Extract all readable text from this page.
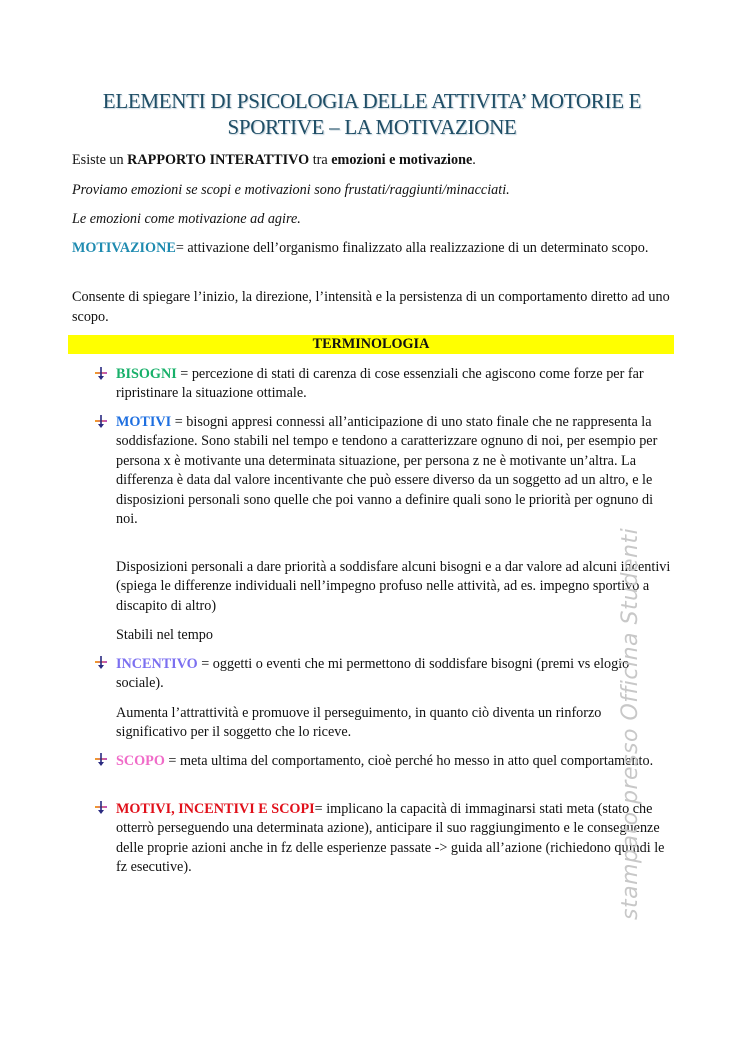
ELEMENTI DI PSICOLOGIA DELLE ATTIVITA’ MOTORIE E
SPORTIVE – LA MOTIVAZIONE
Esiste un RAPPORTO INTERATTIVO tra emozioni e motivazione.
Proviamo emozioni se scopi e motivazioni sono frustati/raggiunti/minacciati.
Le emozioni come motivazione ad agire.
MOTIVAZIONE= attivazione dell’organismo finalizzato alla realizzazione di un determinato scopo.
Consente di spiegare l’inizio, la direzione, l’intensità e la persistenza di un comportamento diretto ad uno scopo.
TERMINOLOGIA
BISOGNI = percezione di stati di carenza di cose essenziali che agiscono come forze per far ripristinare la situazione ottimale.
MOTIVI = bisogni appresi connessi all’anticipazione di uno stato finale che ne rappresenta la soddisfazione. Sono stabili nel tempo e tendono a caratterizzare ognuno di noi, per esempio per persona x è motivante una determinata situazione, per persona z ne è motivante un’altra. La differenza è data dal valore incentivante che può essere diverso da un soggetto ad un altro, e le disposizioni personali sono quelle che poi vanno a definire quali sono le priorità per ognuno di noi.
Disposizioni personali a dare priorità a soddisfare alcuni bisogni e a dar valore ad alcuni incentivi (spiega le differenze individuali nell’impegno profuso nelle attività, ad es. impegno sportivo a discapito di altro)
Stabili nel tempo
INCENTIVO = oggetti o eventi che mi permettono di soddisfare bisogni (premi vs elogio sociale).
Aumenta l’attrattività e promuove il perseguimento, in quanto ciò diventa un rinforzo significativo per il soggetto che lo riceve.
SCOPO = meta ultima del comportamento, cioè perché ho messo in atto quel comportamento.
MOTIVI, INCENTIVI E SCOPI= implicano la capacità di immaginarsi stati meta (stato che otterrò perseguendo una determinata azione), anticipare il suo raggiungimento e le conseguenze delle proprie azioni anche in fz delle esperienze passate -> guida all’azione (richiedono quindi le fz esecutive).	stampato presso Officina Studenti
